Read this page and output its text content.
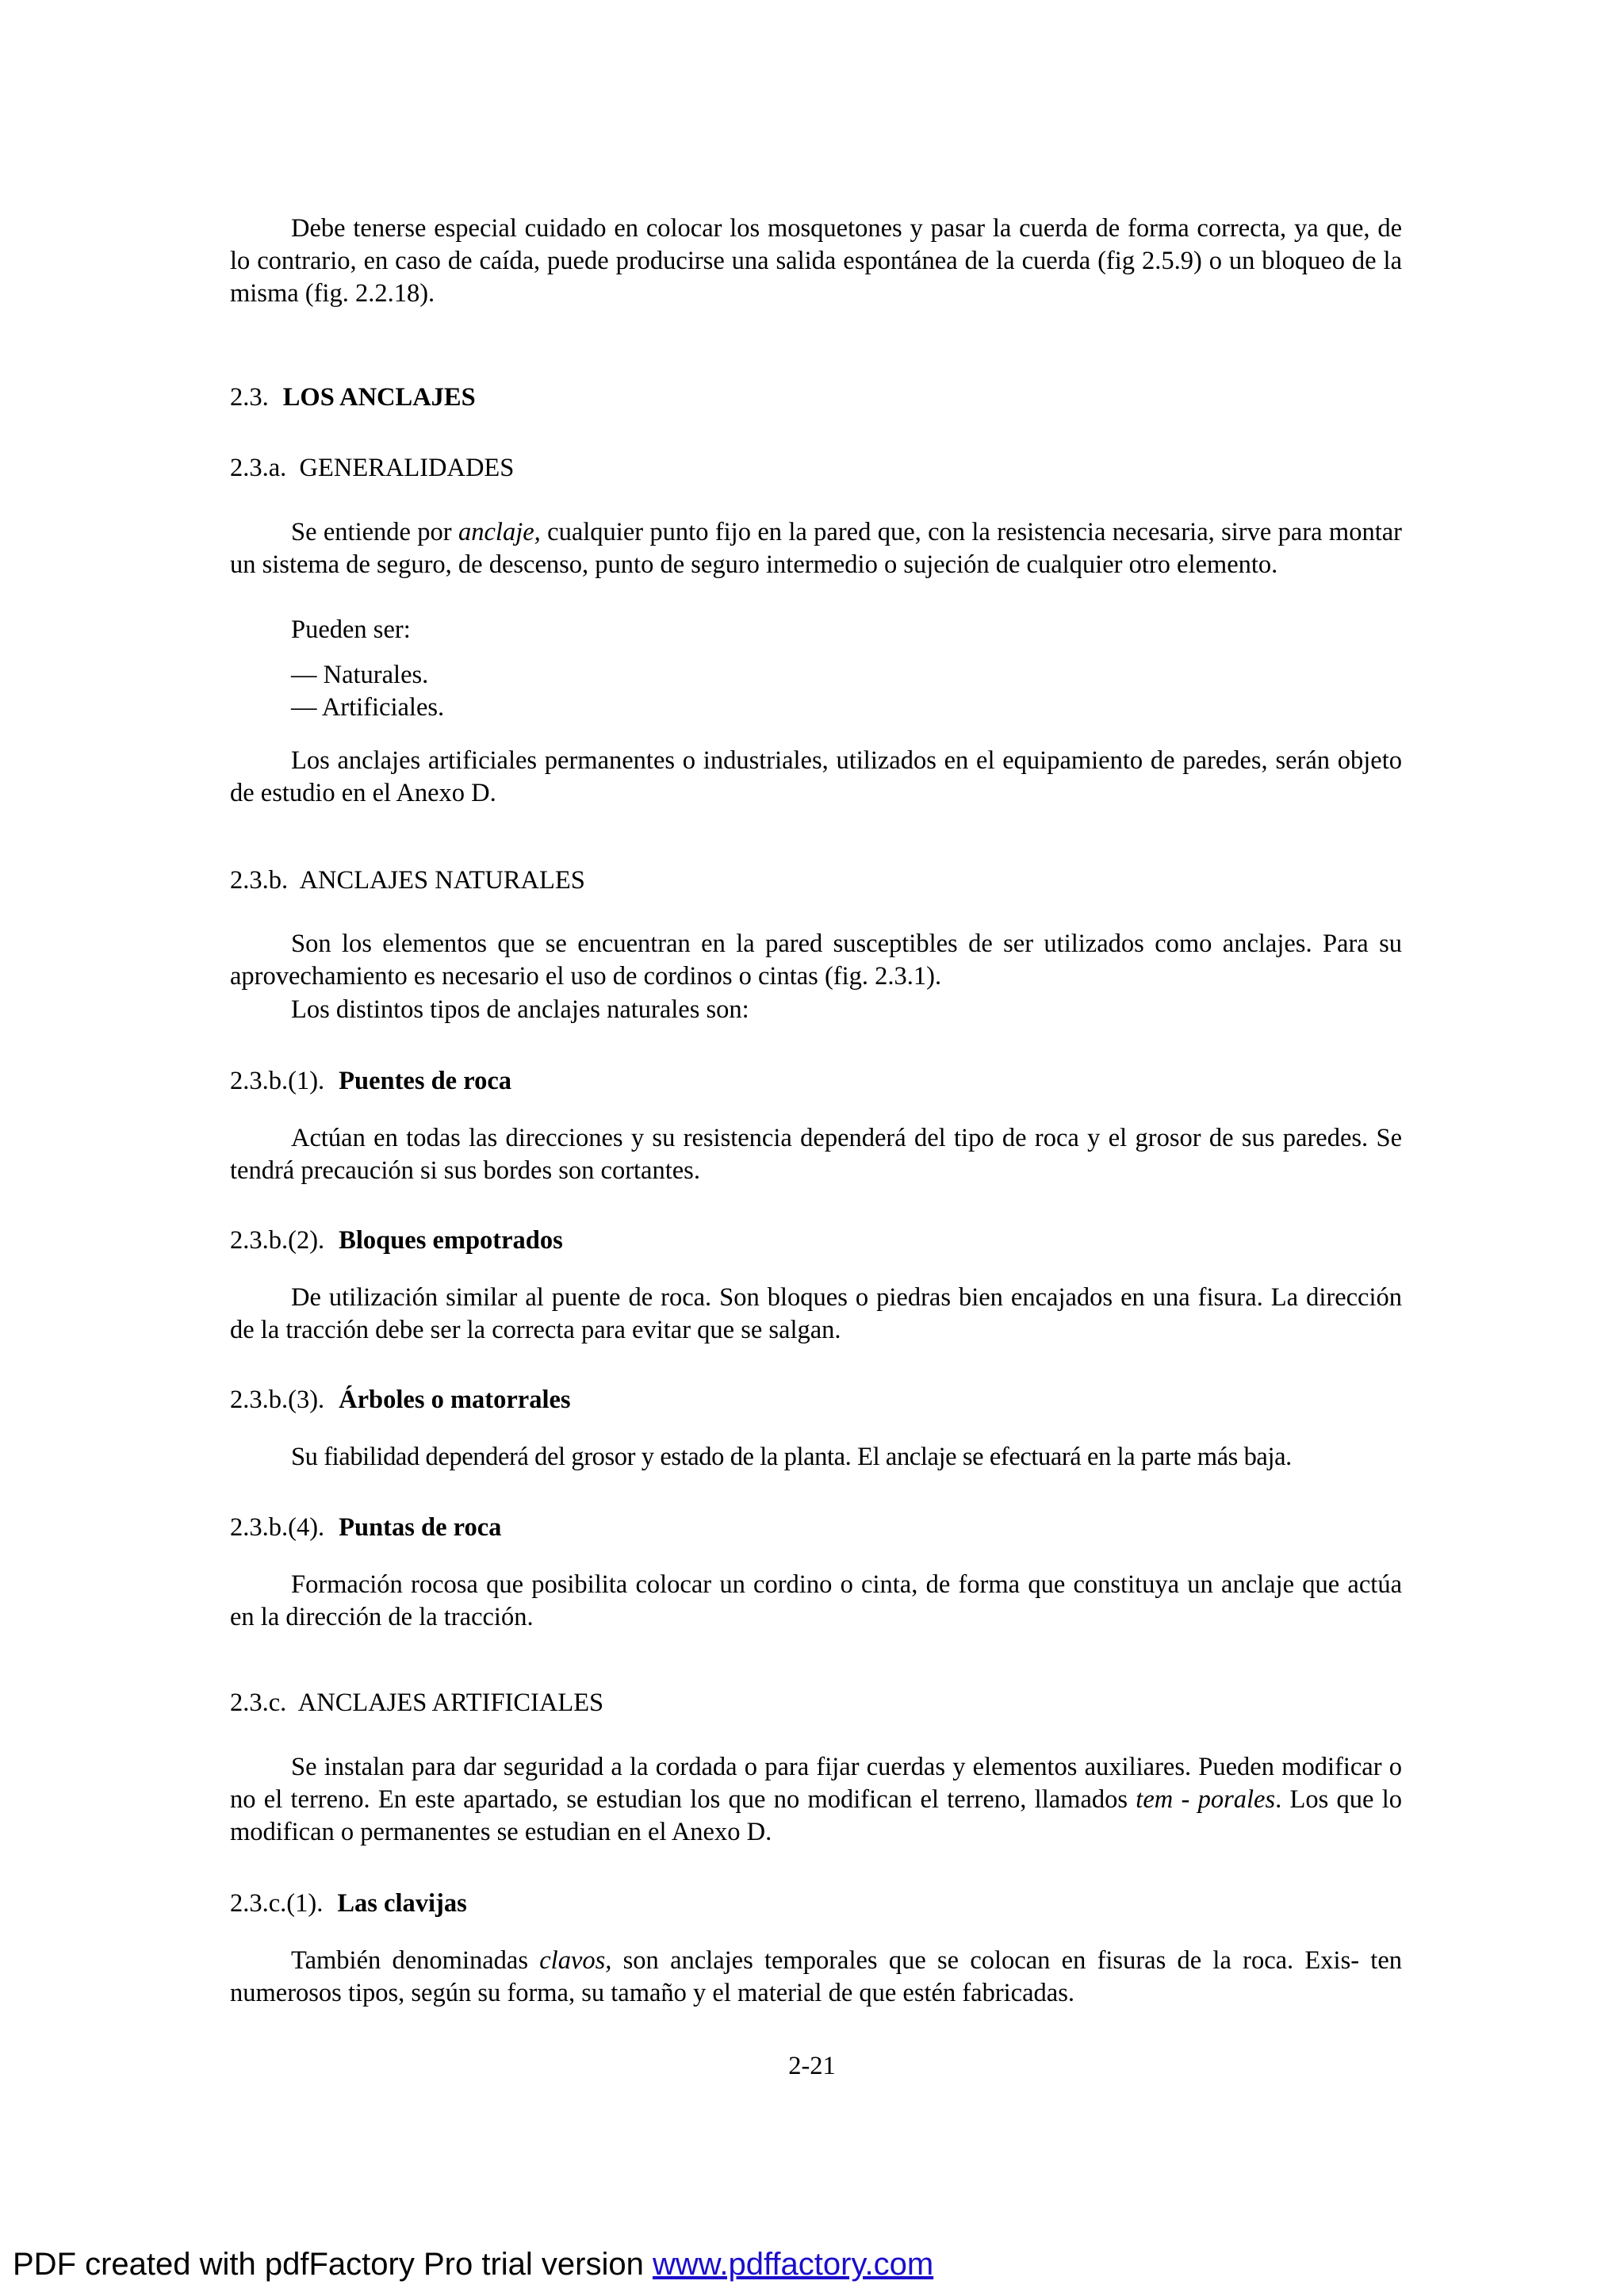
Debe tenerse especial cuidado en colocar los mosquetones y pasar la cuerda de forma correcta, ya que, de lo contrario, en caso de caída, puede producirse una salida espontánea de la cuerda (fig 2.5.9) o un bloqueo de la misma (fig. 2.2.18).

2.3. LOS ANCLAJES
2.3.a.  GENERALIDADES

Se entiende por anclaje, cualquier punto fijo en la pared que, con la resistencia necesaria, sirve para montar un sistema de seguro, de descenso, punto de seguro intermedio o sujeción de cualquier otro elemento.

Pueden ser:

— Naturales.

— Artificiales.

Los anclajes artificiales permanentes o industriales, utilizados en el equipamiento de paredes, serán objeto de estudio en el Anexo D.

2.3.b.  ANCLAJES NATURALES

Son los elementos que se encuentran en la pared susceptibles de ser utilizados como anclajes. Para su aprovechamiento es necesario el uso de cordinos o cintas (fig. 2.3.1).

Los distintos tipos de anclajes naturales son:

2.3.b.(1). Puentes de roca

Actúan en todas las direcciones y su resistencia dependerá del tipo de roca y el grosor de sus paredes. Se tendrá precaución si sus bordes son cortantes.

2.3.b.(2). Bloques empotrados

De utilización similar al puente de roca. Son bloques o piedras bien encajados en una fisura. La dirección de la tracción debe ser la correcta para evitar que se salgan.

2.3.b.(3). Árboles o matorrales

Su fiabilidad dependerá del grosor y estado de la planta. El anclaje se efectuará en la parte más baja.

2.3.b.(4). Puntas de roca

Formación rocosa que posibilita colocar un cordino o cinta, de forma que constituya un anclaje que actúa en la dirección de la tracción.

2.3.c.  ANCLAJES ARTIFICIALES

Se instalan para dar seguridad a la cordada o para fijar cuerdas y elementos auxiliares. Pueden modificar o no el terreno. En este apartado, se estudian los que no modifican el terreno, llamados tem - porales. Los que lo modifican o permanentes se estudian en el Anexo D.

2.3.c.(1). Las clavijas

También denominadas clavos, son anclajes temporales que se colocan en fisuras de la roca. Exis- ten numerosos tipos, según su forma, su tamaño y el material de que estén fabricadas.

2-21
PDF created with pdfFactory Pro trial version www.pdffactory.com
